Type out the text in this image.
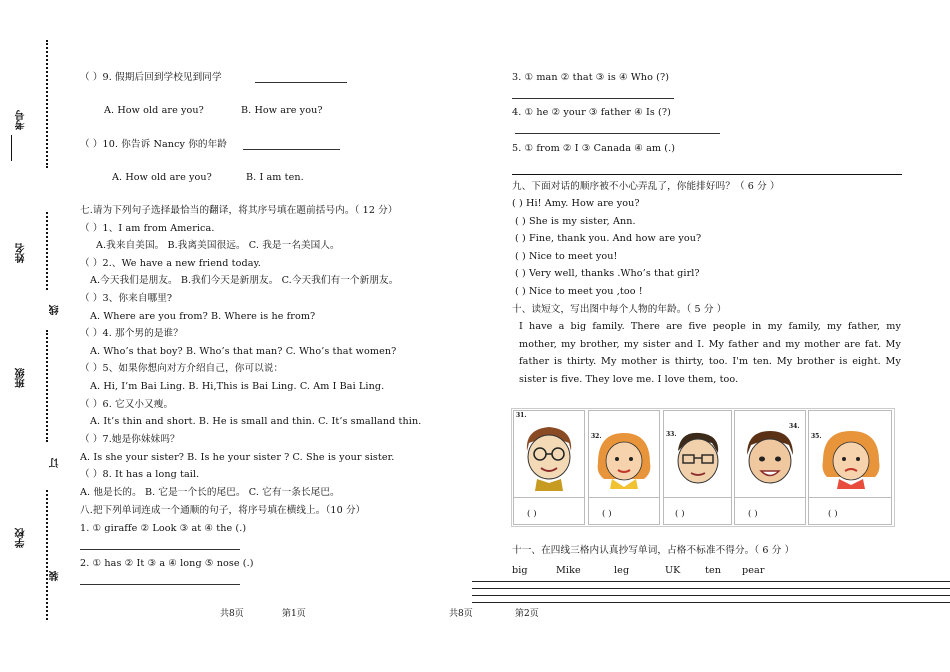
考号
姓名
班级
学校
线
订
装
（ ）9. 假期后回到学校见到同学
A. How old are you?	B. How are you?
（ ）10. 你告诉 Nancy 你的年龄
A. How old are you?	B. I am ten.
七.请为下列句子选择最恰当的翻译，将其序号填在题前括号内。（ 12 分）
（ ）1、I am from America.
A.我来自美国。 B.我离美国很远。 C. 我是一名美国人。
（ ）2.、We have a new friend today.
A.今天我们是朋友。 B.我们今天是新朋友。 C.今天我们有一个新朋友。
（ ）3、你来自哪里?
A. Where are you from? B. Where is he from?
（ ）4. 那个男的是谁？
A. Who’s that boy? B. Who’s that man? C. Who’s that women?
（ ）5、如果你想向对方介绍自己，你可以说：
A. Hi, I’m Bai Ling. B. Hi,This is Bai Ling. C. Am I Bai Ling.
（ ）6. 它又小又瘦。
A. It’s thin and short. B. He is small and thin. C. It’s smalland thin.
（ ）7.她是你妹妹吗？
A. Is she your sister? B. Is he your sister ? C. She is your sister.
（ ）8. It has a long tail.
A. 他是长的。 B. 它是一个长的尾巴。 C. 它有一条长尾巴。
八.把下列单词连成一个通顺的句子，将序号填在横线上。（10 分）
1. ① giraffe ② Look ③ at ④ the (.)
2. ① has ② It ③ a ④ long ⑤ nose (.)
3. ① man ② that ③ is ④ Who (?)
4. ① he ② your ③ father ④ Is (?)
5. ① from ② I ③ Canada ④ am (.)
九、下面对话的顺序被不小心弄乱了，你能排好吗？（ 6 分 ）
( ) Hi! Amy. How are you?
( ) She is my sister, Ann.
( ) Fine, thank you. And how are you?
( ) Nice to meet you!
( ) Very well, thanks .Who’s that girl?
( ) Nice to meet you ,too !
十、读短文，写出图中每个人物的年龄。（ 5 分 ）
I have a big family. There are five people in my family, my father, my
mother, my brother, my sister and I. My father and my mother are fat. My
father is thirty. My mother is thirty, too. I'm ten. My brother is eight. My
sister is five. They love me. I love them, too.
31.
( )
32.
( )
33.
( )
34.
( )
35.
( )
十一、在四线三格内认真抄写单词，占格不标准不得分。（ 6 分 ）
big	Mike	leg	UK	ten pear
共8页	第1页	共8页	第2页
